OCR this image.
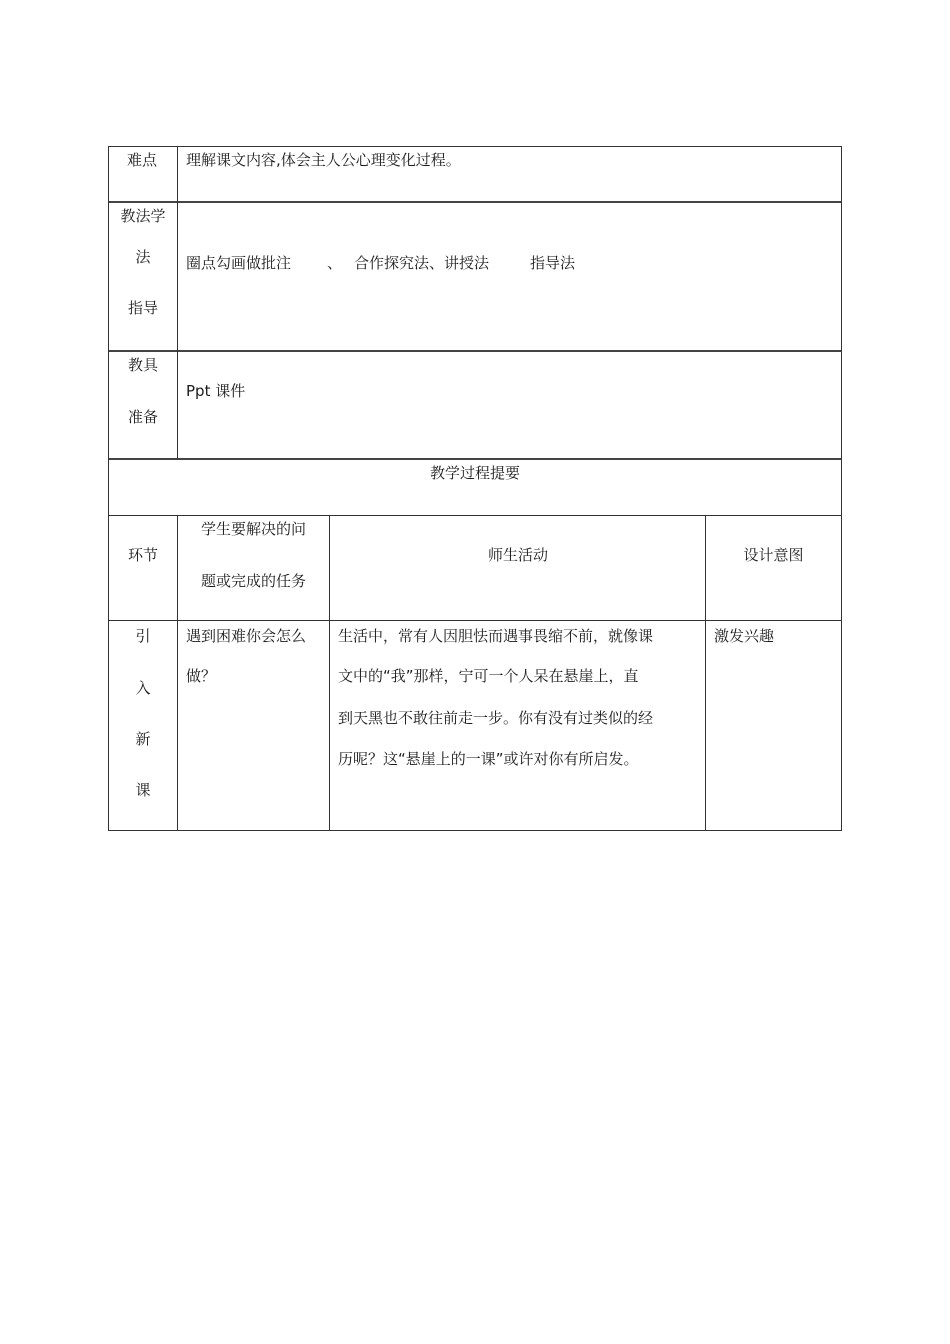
难点 理解课文内容,体会主人公心理变化过程。
教法学
法
指导
圈点勾画做批注 、 合作探究法、讲授法	指导法
教具
准备
Ppt 课件
教学过程提要
环节
学生要解决的问
题或完成的任务
师生活动	设计意图
引
入
新
课
遇到困难你会怎么
做？
生活中，常有人因胆怯而遇事畏缩不前，就像课
文中的“我”那样，宁可一个人呆在悬崖上，直
到天黑也不敢往前走一步。你有没有过类似的经
历呢？这“悬崖上的一课”或许对你有所启发。
激发兴趣
